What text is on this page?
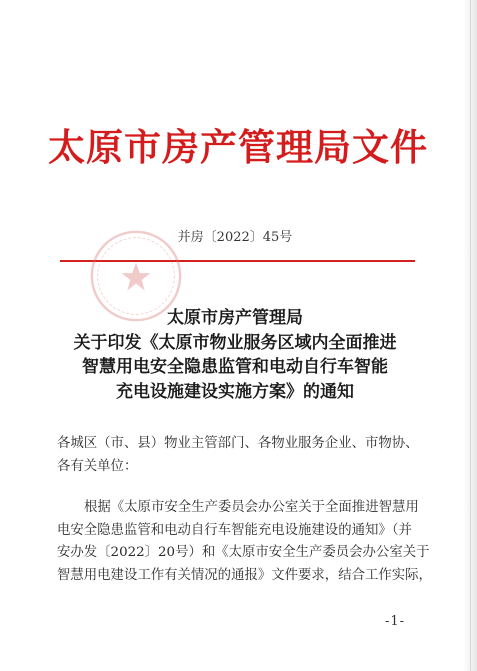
太原市房产管理局文件
并房〔2022〕45号
太原市房产管理局
关于印发《太原市物业服务区域内全面推进
智慧用电安全隐患监管和电动自行车智能
充电设施建设实施方案》的通知
各城区（市、县）物业主管部门、各物业服务企业、市物协、
各有关单位：
根据《太原市安全生产委员会办公室关于全面推进智慧用
电安全隐患监管和电动自行车智能充电设施建设的通知》（并
安办发〔2022〕20号）和《太原市安全生产委员会办公室关于
智慧用电建设工作有关情况的通报》文件要求，结合工作实际，
-1-
